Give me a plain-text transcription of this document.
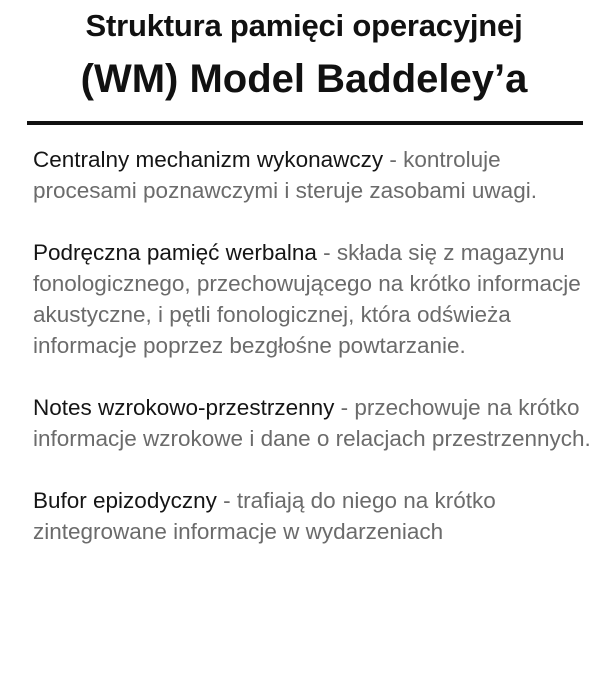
Struktura pamięci operacyjnej
(WM) Model Baddeley’a

Centralny mechanizm wykonawczy - kontroluje procesami poznawczymi i steruje zasobami uwagi.

Podręczna pamięć werbalna - składa się z magazynu fonologicznego, przechowującego na krótko informacje akustyczne, i pętli fonologicznej, która odświeża informacje poprzez bezgłośne powtarzanie.

Notes wzrokowo-przestrzenny - przechowuje na krótko informacje wzrokowe i dane o relacjach przestrzennych.

Bufor epizodyczny - trafiają do niego na krótko zintegrowane informacje w wydarzeniach
